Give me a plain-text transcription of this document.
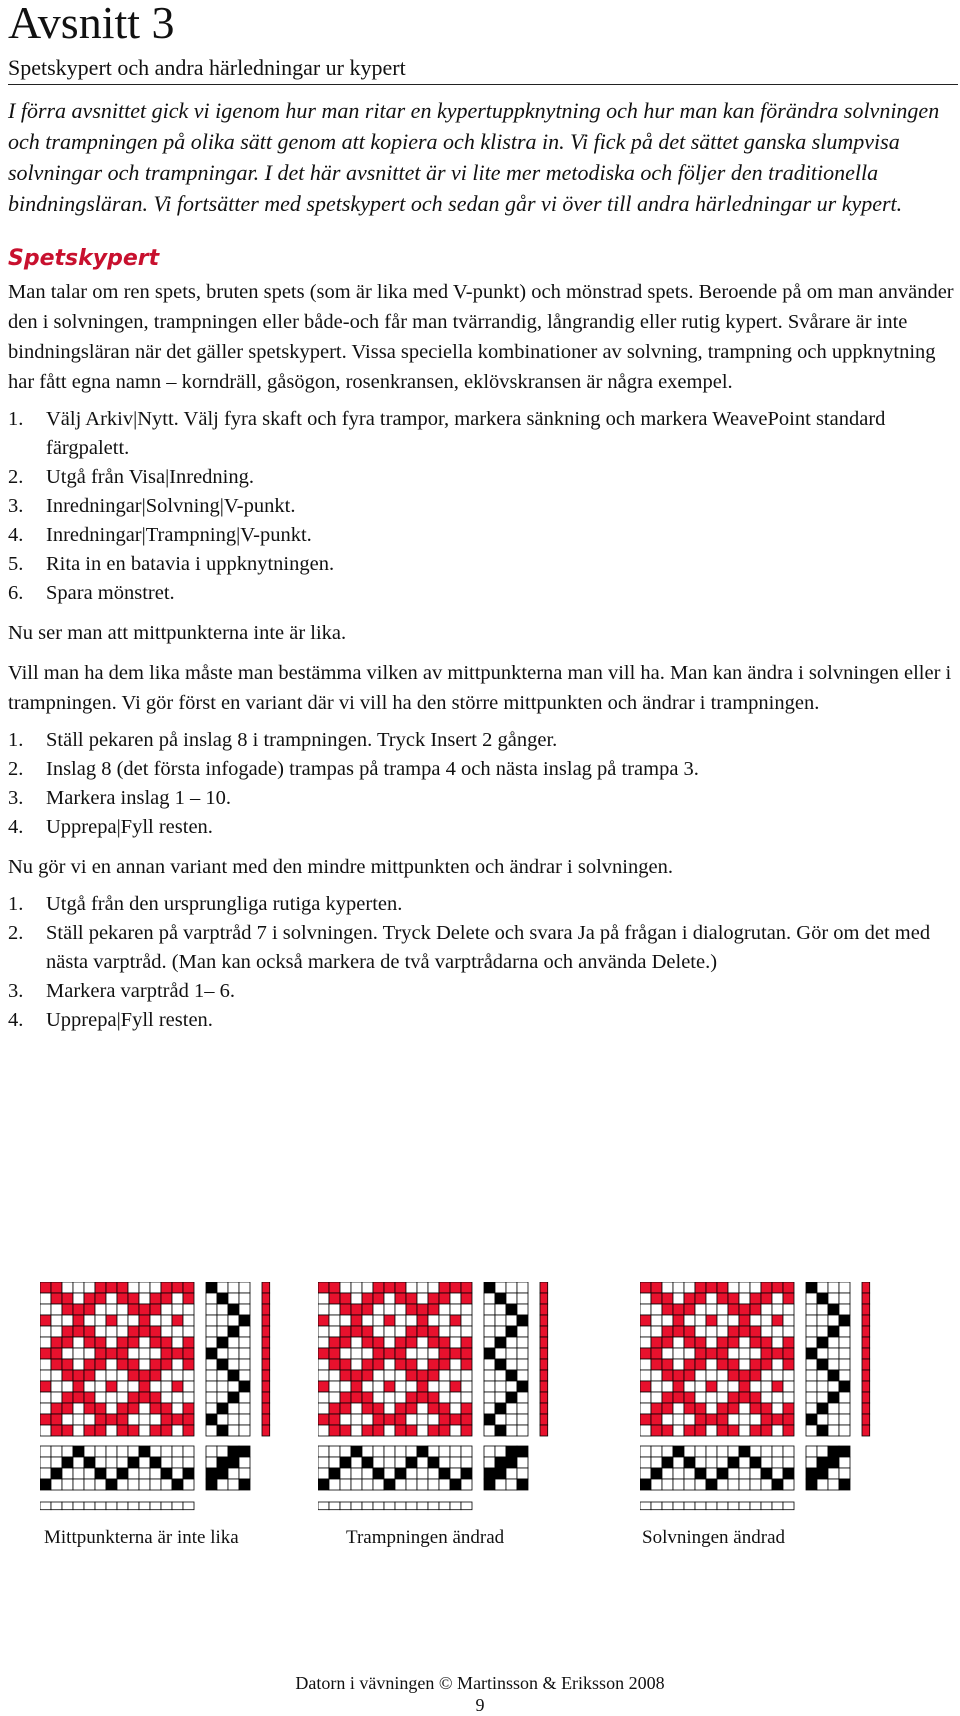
Avsnitt 3
Spetskypert och andra härledningar ur kypert
I förra avsnittet gick vi igenom hur man ritar en kypertuppknytning och hur man kan förändra solvningen och trampningen på olika sätt genom att kopiera och klistra in. Vi fick på det sättet ganska slumpvisa solvningar och trampningar. I det här avsnittet är vi lite mer metodiska och följer den traditionella bindningsläran. Vi fortsätter med spetskypert och sedan går vi över till andra härledningar ur kypert.
Spetskypert

Man talar om ren spets, bruten spets (som är lika med V-punkt) och mönstrad spets. Beroende på om man använder den i solvningen, trampningen eller både-och får man tvärrandig, långrandig eller rutig kypert. Svårare är inte bindningsläran när det gäller spetskypert. Vissa speciella kombinationer av solvning, trampning och uppknytning har fått egna namn – korndräll, gåsögon, rosenkransen, eklövskransen är några exempel.

1. Välj Arkiv|Nytt. Välj fyra skaft och fyra trampor, markera sänkning och markera WeavePoint standard färgpalett.
2. Utgå från Visa|Inredning.
3. Inredningar|Solvning|V-punkt.
4. Inredningar|Trampning|V-punkt.
5. Rita in en batavia i uppknytningen.
6. Spara mönstret.

Nu ser man att mittpunkterna inte är lika.

Vill man ha dem lika måste man bestämma vilken av mittpunkterna man vill ha. Man kan ändra i solvningen eller i trampningen. Vi gör först en variant där vi vill ha den större mittpunkten och ändrar i trampningen.

1. Ställ pekaren på inslag 8 i trampningen. Tryck Insert 2 gånger.
2. Inslag 8 (det första infogade) trampas på trampa 4 och nästa inslag på trampa 3.
3. Markera inslag 1 – 10.
4. Upprepa|Fyll resten.

Nu gör vi en annan variant med den mindre mittpunkten och ändrar i solvningen.

1. Utgå från den ursprungliga rutiga kyperten.
2. Ställ pekaren på varptråd 7 i solvningen. Tryck Delete och svara Ja på frågan i dialogrutan. Gör om det med nästa varptråd. (Man kan också markera de två varptrådarna och använda Delete.)
3. Markera varptråd 1– 6.
4. Upprepa|Fyll resten.
Mittpunkterna är inte lika	Trampningen ändrad	Solvningen ändrad
Datorn i vävningen © Martinsson & Eriksson 2008
9
